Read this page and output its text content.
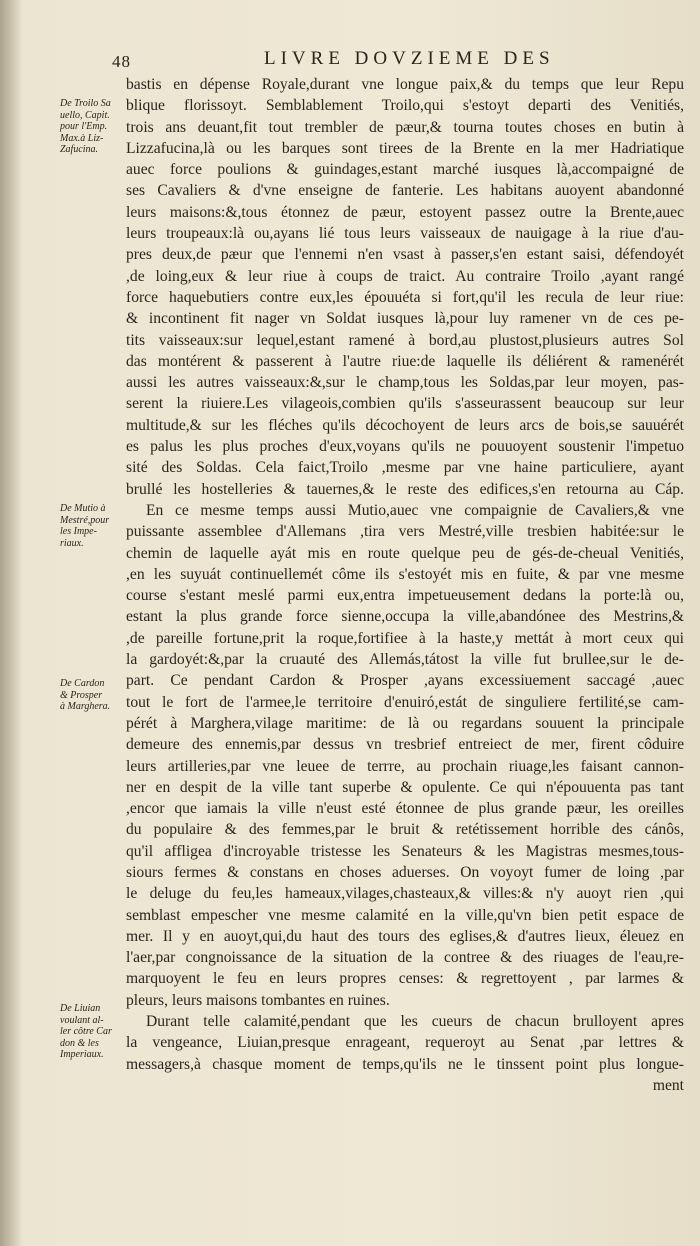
48	LIVRE DOVZIEME DES
De Troilo Sa
uello, Capit.
pour l'Emp.
Max.à Liz-
Zafucina.
De Mutio à
Mestré,pour
les Impe-
riaux.
De Cardon
& Prosper
à Marghera.
De Liuian
voulant al-
ler côtre Car
don & les
Imperiaux.
bastis en dépense Royale,durant vne longue paix,& du temps que leur Repu
blique florissoyt. Semblablement Troilo,qui s'estoyt departi des Venitiés,
trois ans deuant,fit tout trembler de pæur,& tourna toutes choses en butin à
Lizzafucina,là ou les barques sont tirees de la Brente en la mer Hadriatique
auec force poulions & guindages,estant marché iusques là,accompaigné de
ses Cavaliers & d'vne enseigne de fanterie. Les habitans auoyent abandonné
leurs maisons:&,tous étonnez de pæur, estoyent passez outre la Brente,auec
leurs troupeaux:là ou,ayans lié tous leurs vaisseaux de nauigage à la riue d'au-
pres deux,de pæur que l'ennemi n'en vsast à passer,s'en estant saisi, défendoyét
,de loing,eux & leur riue à coups de traict. Au contraire Troilo ,ayant rangé
force haquebutiers contre eux,les épouuéta si fort,qu'il les recula de leur riue:
& incontinent fit nager vn Soldat iusques là,pour luy ramener vn de ces pe-
tits vaisseaux:sur lequel,estant ramené à bord,au plustost,plusieurs autres Sol
das montérent & passerent à l'autre riue:de laquelle ils déliérent & ramenérét
aussi les autres vaisseaux:&,sur le champ,tous les Soldas,par leur moyen, pas-
serent la riuiere.Les vilageois,combien qu'ils s'asseurassent beaucoup sur leur
multitude,& sur les fléches qu'ils décochoyent de leurs arcs de bois,se sauuérét
es palus les plus proches d'eux,voyans qu'ils ne pouuoyent soustenir l'impetuo
sité des Soldas. Cela faict,Troilo ,mesme par vne haine particuliere, ayant
brullé les hostelleries & tauernes,& le reste des edifices,s'en retourna au Cáp.
En ce mesme temps aussi Mutio,auec vne compaignie de Cavaliers,& vne
puissante assemblee d'Allemans ,tira vers Mestré,ville tresbien habitée:sur le
chemin de laquelle ayát mis en route quelque peu de gés-de-cheual Venitiés,
,en les suyuát continuellemét côme ils s'estoyét mis en fuite, & par vne mesme
course s'estant meslé parmi eux,entra impetueusement dedans la porte:là ou,
estant la plus grande force sienne,occupa la ville,abandónee des Mestrins,&
,de pareille fortune,prit la roque,fortifiee à la haste,y mettát à mort ceux qui
la gardoyét:&,par la cruauté des Allemás,tátost la ville fut brullee,sur le de-
part. Ce pendant Cardon & Prosper ,ayans excessiuement saccagé ,auec
tout le fort de l'armee,le territoire d'enuiró,estát de singuliere fertilité,se cam-
pérét à Marghera,vilage maritime: de là ou regardans souuent la principale
demeure des ennemis,par dessus vn tresbrief entreiect de mer, firent côduire
leurs artilleries,par vne leuee de terrre, au prochain riuage,les faisant cannon-
ner en despit de la ville tant superbe & opulente. Ce qui n'épouuenta pas tant
,encor que iamais la ville n'eust esté étonnee de plus grande pæur, les oreilles
du populaire & des femmes,par le bruit & retétissement horrible des cánôs,
qu'il affligea d'incroyable tristesse les Senateurs & les Magistras mesmes,tous-
siours fermes & constans en choses aduerses. On voyoyt fumer de loing ,par
le deluge du feu,les hameaux,vilages,chasteaux,& villes:& n'y auoyt rien ,qui
semblast empescher vne mesme calamité en la ville,qu'vn bien petit espace de
mer. Il y en auoyt,qui,du haut des tours des eglises,& d'autres lieux, éleuez en
l'aer,par congnoissance de la situation de la contree & des riuages de l'eau,re-
marquoyent le feu en leurs propres censes: & regrettoyent , par larmes &
pleurs, leurs maisons tombantes en ruines.
Durant telle calamité,pendant que les cueurs de chacun brulloyent apres
la vengeance, Liuian,presque enrageant, requeroyt au Senat ,par lettres &
messagers,à chasque moment de temps,qu'ils ne le tinssent point plus longue-
ment
